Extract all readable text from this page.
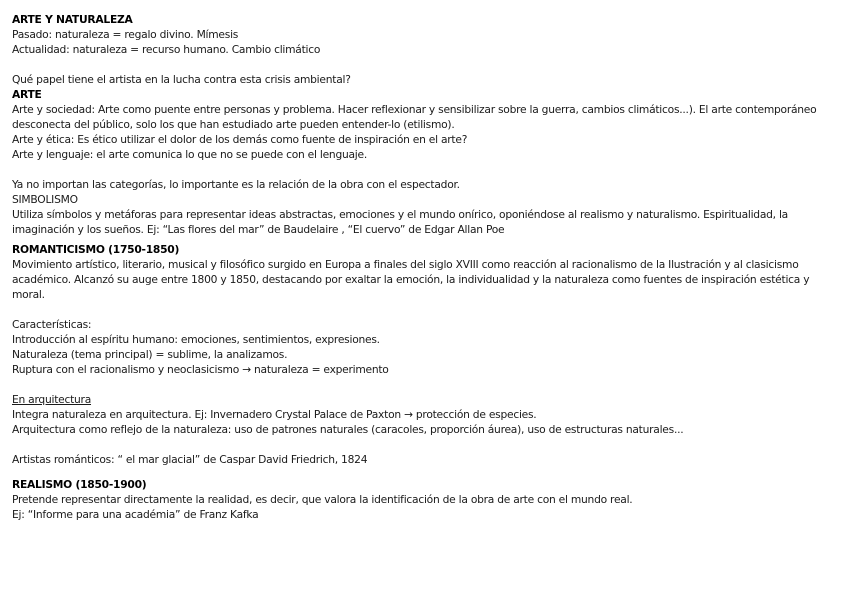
ARTE Y NATURALEZA

Pasado: naturaleza = regalo divino. Mímesis

Actualidad: naturaleza = recurso humano. Cambio climático

Qué papel tiene el artista en la lucha contra esta crisis ambiental?

ARTE

Arte y sociedad: Arte como puente entre personas y problema. Hacer reflexionar y sensibilizar sobre la guerra, cambios climáticos...). El arte contemporáneo desconecta del público, solo los que han estudiado arte pueden entender-lo (etilismo).

Arte y ética: Es ético utilizar el dolor de los demás como fuente de inspiración en el arte?

Arte y lenguaje: el arte comunica lo que no se puede con el lenguaje.

Ya no importan las categorías, lo importante es la relación de la obra con el espectador.

SIMBOLISMO

Utiliza símbolos y metáforas para representar ideas abstractas, emociones y el mundo onírico, oponiéndose al realismo y naturalismo. Espiritualidad, la imaginación y los sueños. Ej: “Las flores del mar” de Baudelaire , “El cuervo” de Edgar Allan Poe

ROMANTICISMO (1750-1850)

Movimiento artístico, literario, musical y filosófico surgido en Europa a finales del siglo XVIII como reacción al racionalismo de la Ilustración y al clasicismo académico. Alcanzó su auge entre 1800 y 1850, destacando por exaltar la emoción, la individualidad y la naturaleza como fuentes de inspiración estética y moral.

Características:

Introducción al espíritu humano: emociones, sentimientos, expresiones.

Naturaleza (tema principal) = sublime, la analizamos.

Ruptura con el racionalismo y neoclasicismo → naturaleza = experimento

En arquitectura

Integra naturaleza en arquitectura. Ej: Invernadero Crystal Palace de Paxton → protección de especies.

Arquitectura como reflejo de la naturaleza: uso de patrones naturales (caracoles, proporción áurea), uso de estructuras naturales...

Artistas románticos: “ el mar glacial” de Caspar David Friedrich, 1824

REALISMO (1850-1900)

Pretende representar directamente la realidad, es decir, que valora la identificación de la obra de arte con el mundo real.

Ej: “Informe para una académia” de Franz Kafka
